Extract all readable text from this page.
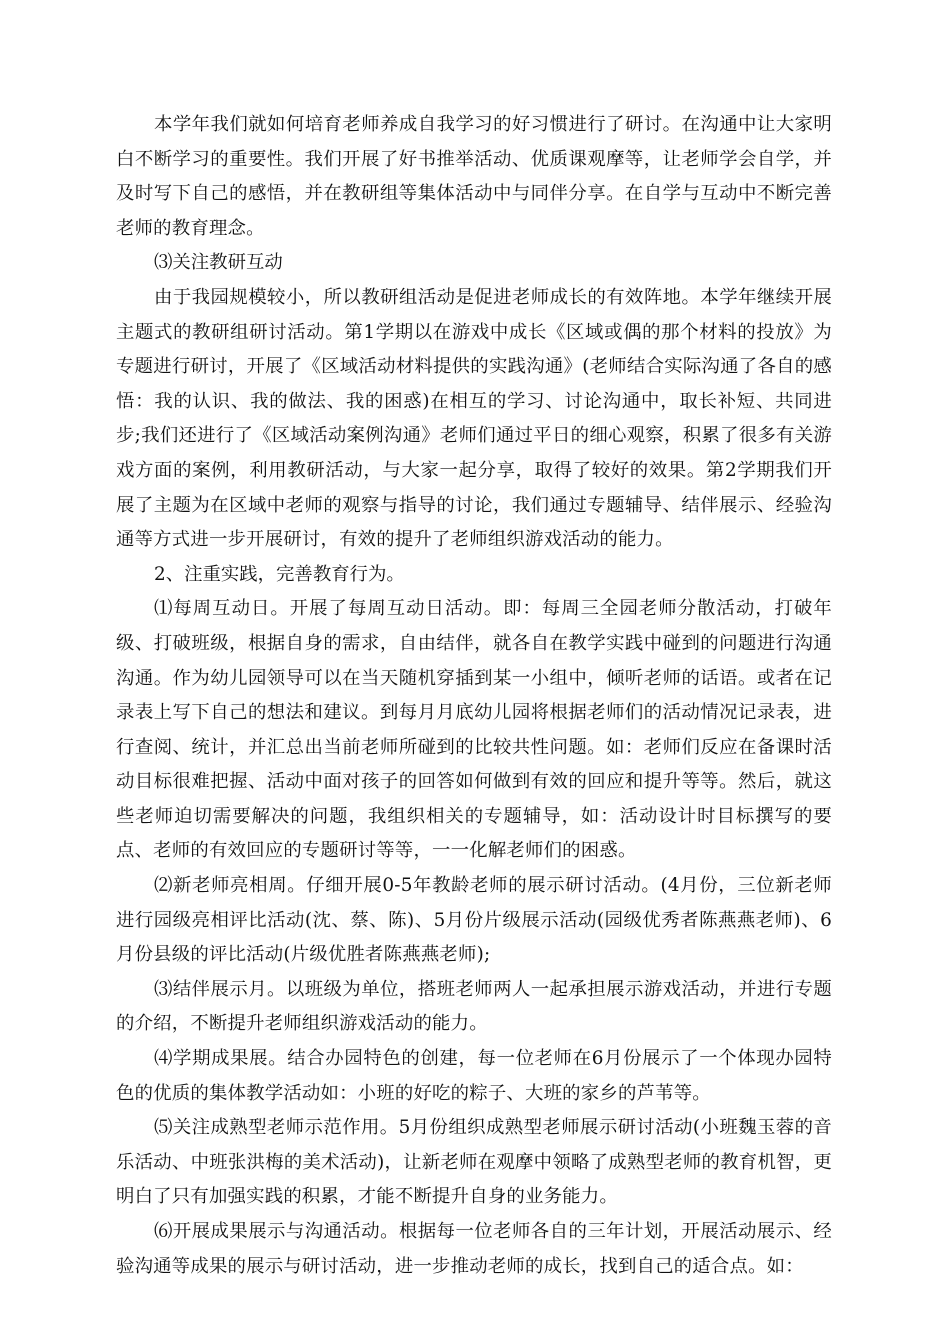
本学年我们就如何培育老师养成自我学习的好习惯进行了研讨。在沟通中让大家明白不断学习的重要性。我们开展了好书推举活动、优质课观摩等，让老师学会自学，并及时写下自己的感悟，并在教研组等集体活动中与同伴分享。在自学与互动中不断完善老师的教育理念。

⑶关注教研互动

由于我园规模较小，所以教研组活动是促进老师成长的有效阵地。本学年继续开展主题式的教研组研讨活动。第1学期以在游戏中成长《区域或偶的那个材料的投放》为专题进行研讨，开展了《区域活动材料提供的实践沟通》(老师结合实际沟通了各自的感悟：我的认识、我的做法、我的困惑)在相互的学习、讨论沟通中，取长补短、共同进步;我们还进行了《区域活动案例沟通》老师们通过平日的细心观察，积累了很多有关游戏方面的案例，利用教研活动，与大家一起分享，取得了较好的效果。第2学期我们开展了主题为在区域中老师的观察与指导的讨论，我们通过专题辅导、结伴展示、经验沟通等方式进一步开展研讨，有效的提升了老师组织游戏活动的能力。

2、注重实践，完善教育行为。

⑴每周互动日。开展了每周互动日活动。即：每周三全园老师分散活动，打破年级、打破班级，根据自身的需求，自由结伴，就各自在教学实践中碰到的问题进行沟通沟通。作为幼儿园领导可以在当天随机穿插到某一小组中，倾听老师的话语。或者在记录表上写下自己的想法和建议。到每月月底幼儿园将根据老师们的活动情况记录表，进行查阅、统计，并汇总出当前老师所碰到的比较共性问题。如：老师们反应在备课时活动目标很难把握、活动中面对孩子的回答如何做到有效的回应和提升等等。然后，就这些老师迫切需要解决的问题，我组织相关的专题辅导，如：活动设计时目标撰写的要点、老师的有效回应的专题研讨等等，一一化解老师们的困惑。

⑵新老师亮相周。仔细开展0-5年教龄老师的展示研讨活动。(4月份，三位新老师进行园级亮相评比活动(沈、蔡、陈)、5月份片级展示活动(园级优秀者陈燕燕老师)、6月份县级的评比活动(片级优胜者陈燕燕老师);

⑶结伴展示月。以班级为单位，搭班老师两人一起承担展示游戏活动，并进行专题的介绍，不断提升老师组织游戏活动的能力。

⑷学期成果展。结合办园特色的创建，每一位老师在6月份展示了一个体现办园特色的优质的集体教学活动如：小班的好吃的粽子、大班的家乡的芦苇等。

⑸关注成熟型老师示范作用。5月份组织成熟型老师展示研讨活动(小班魏玉蓉的音乐活动、中班张洪梅的美术活动)，让新老师在观摩中领略了成熟型老师的教育机智，更明白了只有加强实践的积累，才能不断提升自身的业务能力。

⑹开展成果展示与沟通活动。根据每一位老师各自的三年计划，开展活动展示、经验沟通等成果的展示与研讨活动，进一步推动老师的成长，找到自己的适合点。如：
